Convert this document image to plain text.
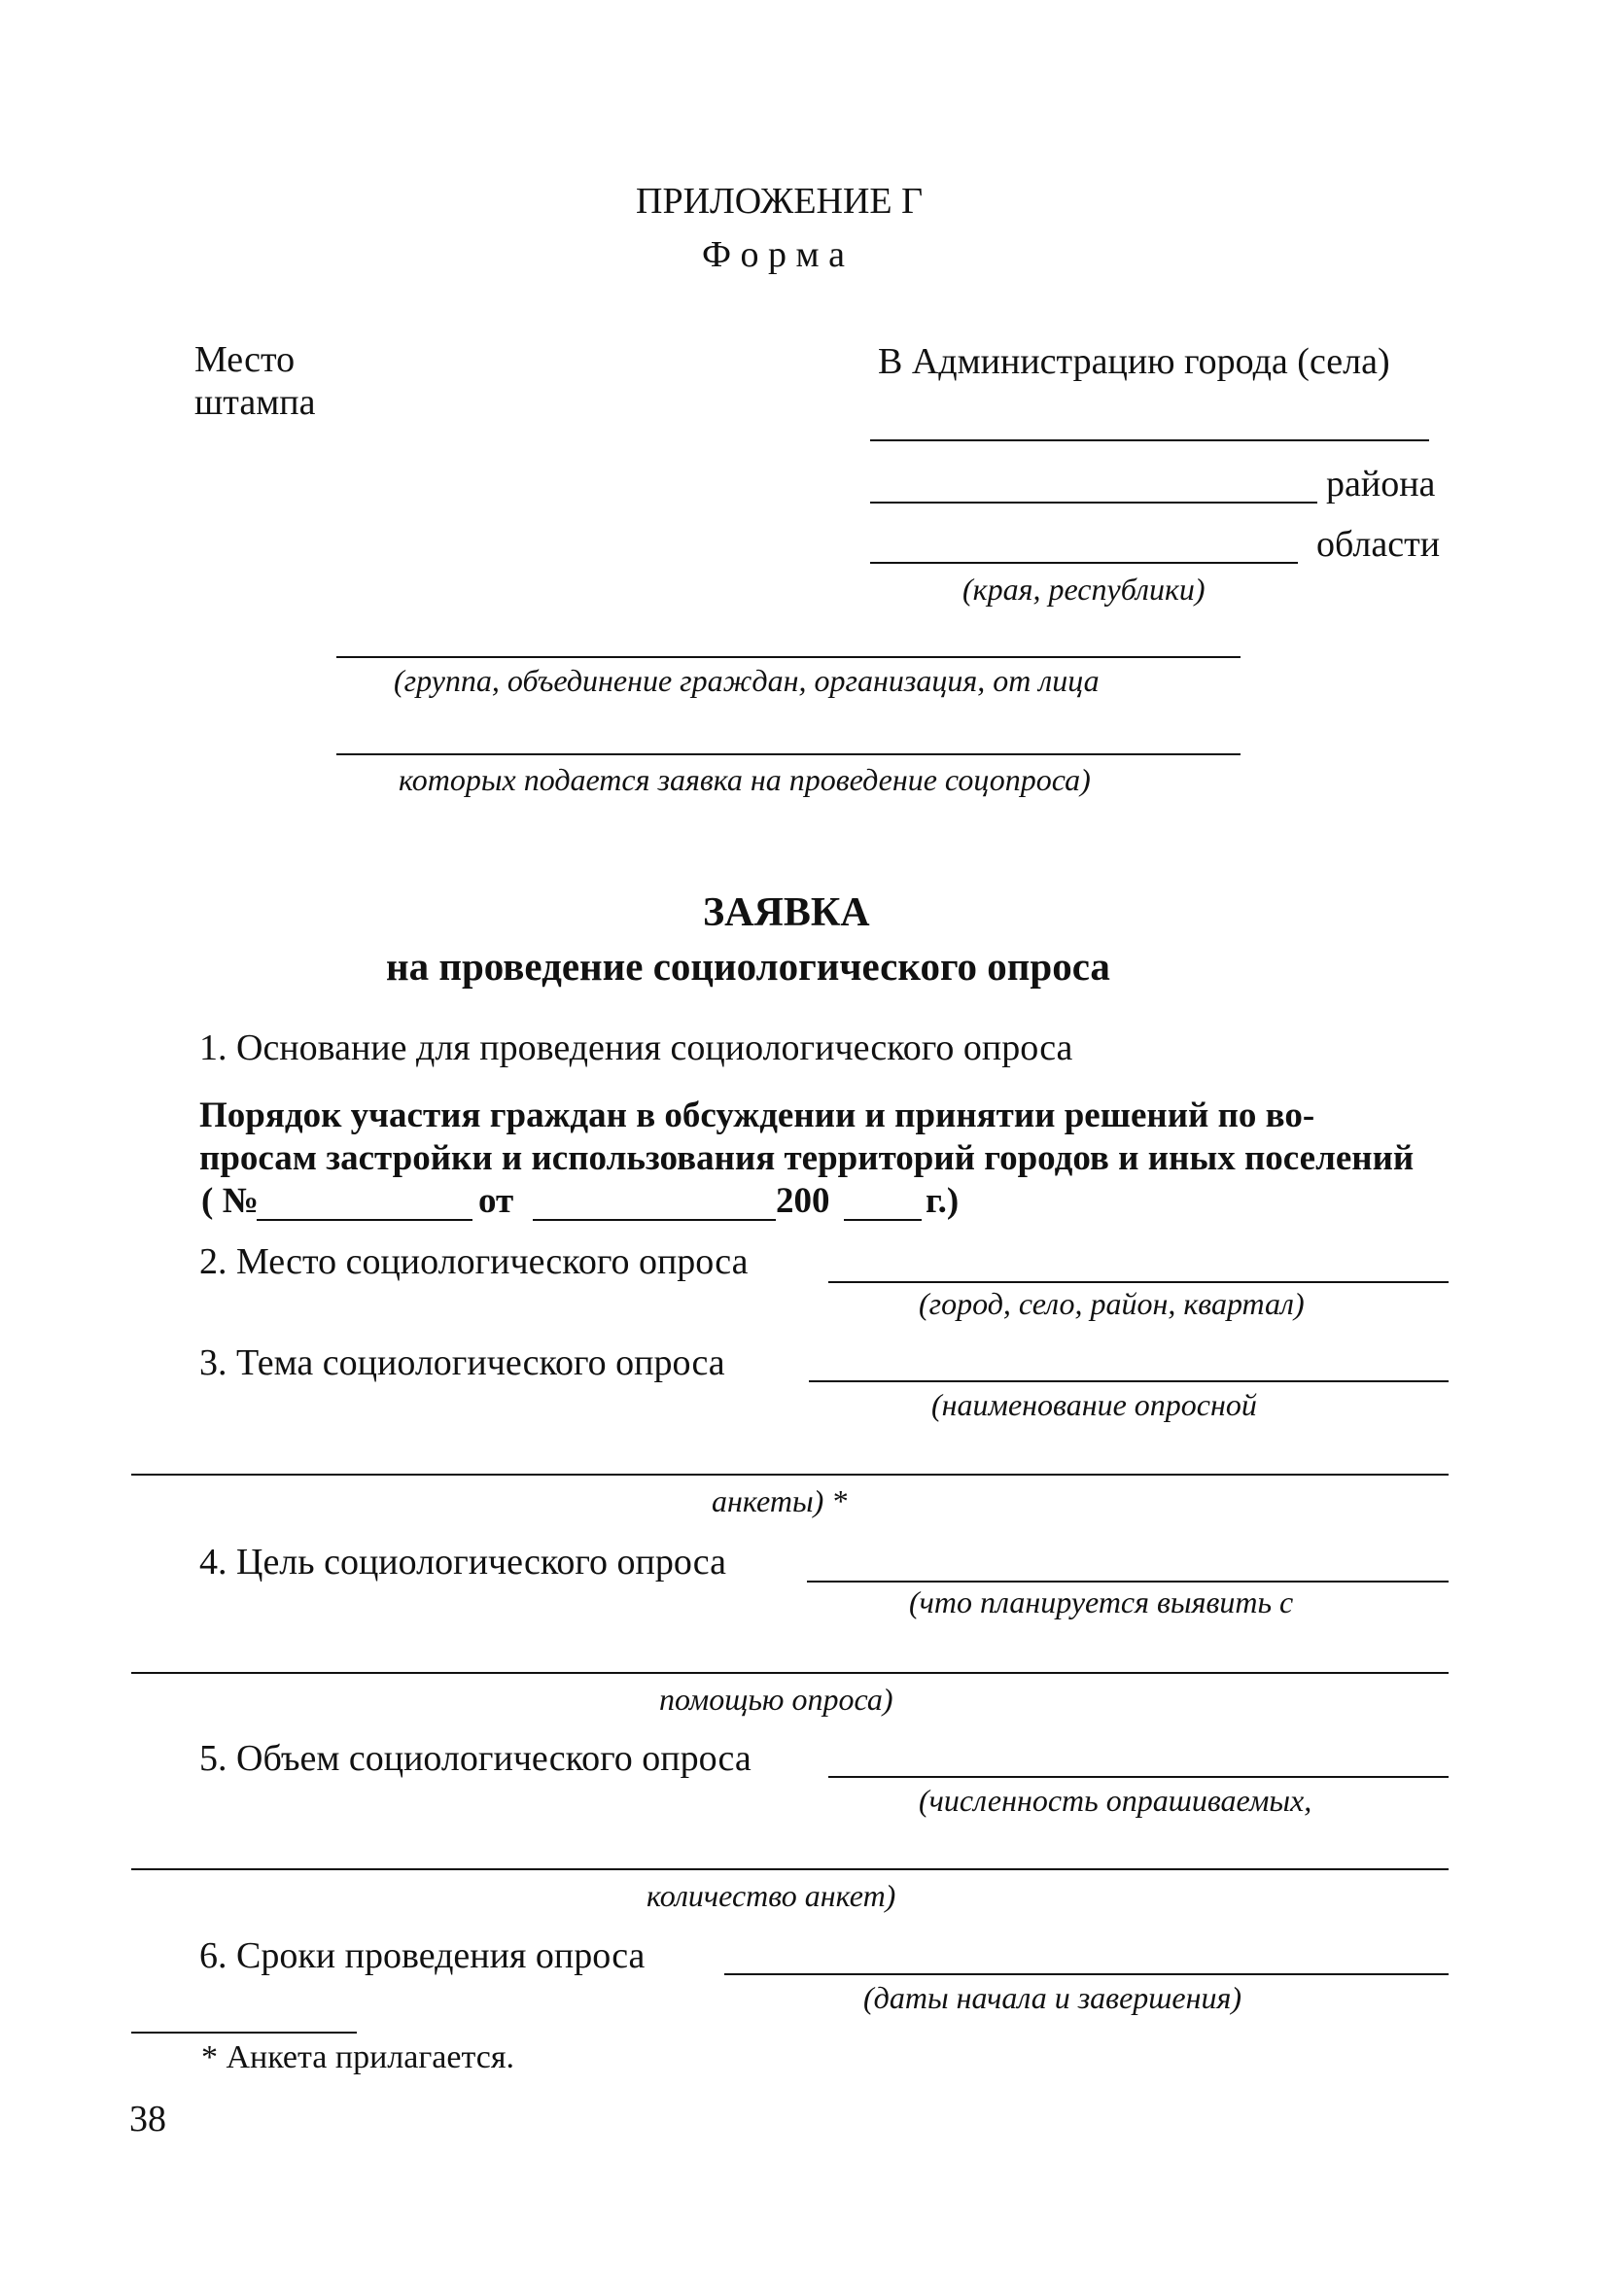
ПРИЛОЖЕНИЕ Г
Ф о р м а
Место
штампа
В Администрацию города (села)
района
области
(края, республики)
(группа, объединение граждан, организация, от лица
которых подается заявка на проведение соцопроса)
ЗАЯВКА
на проведение социологического опроса
1. Основание для проведения социологического опроса
Порядок участия граждан в обсуждении и принятии решений по во-
просам застройки и использования территорий городов и иных поселений
( №	от	200	г.)
2. Место социологического опроса
(город, село, район, квартал)
3. Тема социологического опроса
(наименование опросной
анкеты) *
4. Цель социологического опроса
(что планируется выявить с
помощью опроса)
5. Объем социологического опроса
(численность опрашиваемых,
количество анкет)
6. Сроки проведения опроса
(даты начала и завершения)
* Анкета прилагается.
38
